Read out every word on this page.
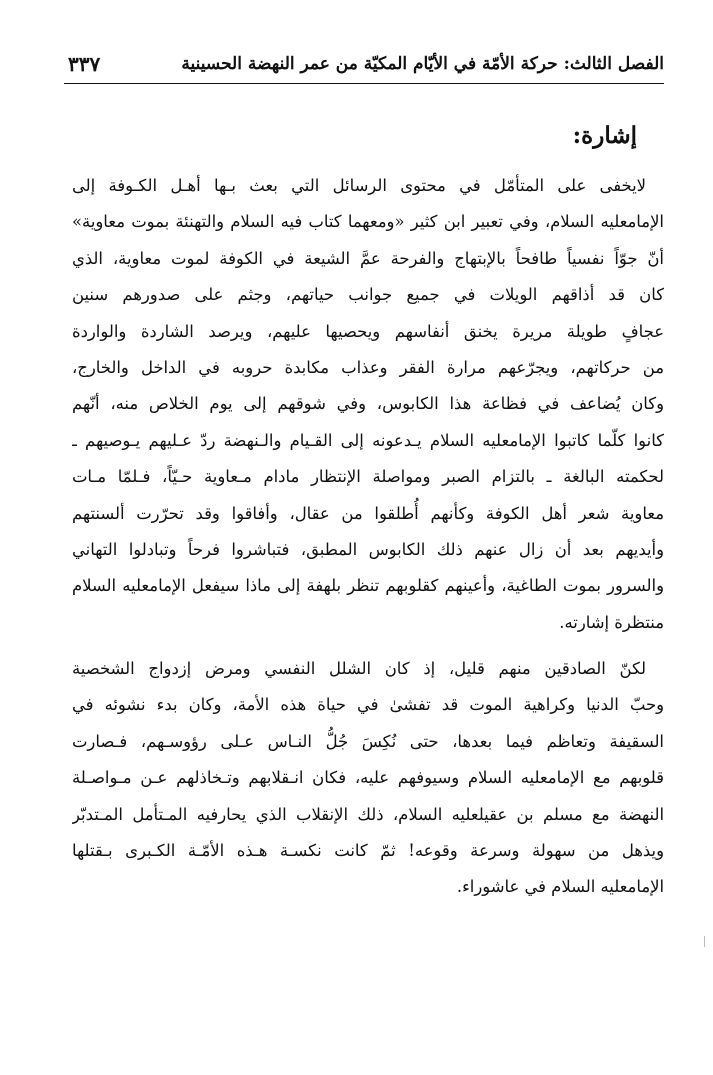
الفصل الثالث: حركة الأمّة في الأيّام المكيّة من عمر النهضة الحسينية
٣٣٧
إشارة:
لايخفى على المتأمّل في محتوى الرسائل التي بعث بـها أهـل الكـوفة إلى
الإمام‏عليه السلام، وفي تعبير ابن كثير «ومعهما كتاب فيه السلام والتهنئة بموت معاوية»
أنّ جوّاً نفسياً طافحاً بالإبتهاج والفرحة عمَّ الشيعة في الكوفة لموت معاوية، الذي
كان قد أذاقهم الويلات في جميع جوانب حياتهم، وجثم على صدورهم سنين
عجافٍ طويلة مريرة يخنق أنفاسهم ويحصيها عليهم، ويرصد الشاردة والواردة
من حركاتهم، ويجرّعهم مرارة الفقر وعذاب مكابدة حروبه في الداخل والخارج،
وكان يُضاعف في فظاعة هذا الكابوس، وفي شوقهم إلى يوم الخلاص منه، أنّهم
كانوا كلّما كاتبوا الإمام‏عليه السلام يـدعونه إلى القـيام والـنهضة ردّ عـليهم يـوصيهم ـ
لحكمته البالغة ـ بالتزام الصبر ومواصلة الإنتظار مادام مـعاوية حـيّاً، فـلمّا مـات
معاوية شعر أهل الكوفة وكأنهم أُطلقوا من عقال، وأفاقوا وقد تحرّرت ألسنتهم
وأيديهم بعد أن زال عنهم ذلك الكابوس المطبق، فتباشروا فرحاً وتبادلوا التهاني
والسرور بموت الطاغية، وأعينهم كقلوبهم تنظر بلهفة إلى ماذا سيفعل الإمام‏عليه السلام
منتظرة إشارته.
لكنّ الصادقين منهم قليل، إذ كان الشلل النفسي ومرض إزدواج الشخصية
وحبّ الدنيا وكراهية الموت قد تفشىٰ في حياة هذه الأمة، وكان بدء نشوئه في
السقيفة وتعاظم فيما بعدها، حتى نُكِسَ جُلُّ النـاس عـلى رؤوسـهم، فـصارت
قلوبهم مع الإمام‏عليه السلام وسيوفهم عليه، فكان انـقلابهم وتـخاذلهم عـن مـواصـلة
النهضة مع مسلم بن عقيل‏عليه السلام، ذلك الإنقلاب الذي يحارفيه المـتأمل المـتدبّر
ويذهل من سهولة وسرعة وقوعه! ثمّ كانت نكسـة هـذه الأمّـة الكـبرى بـقتلها
الإمام‏عليه السلام في عاشوراء.
